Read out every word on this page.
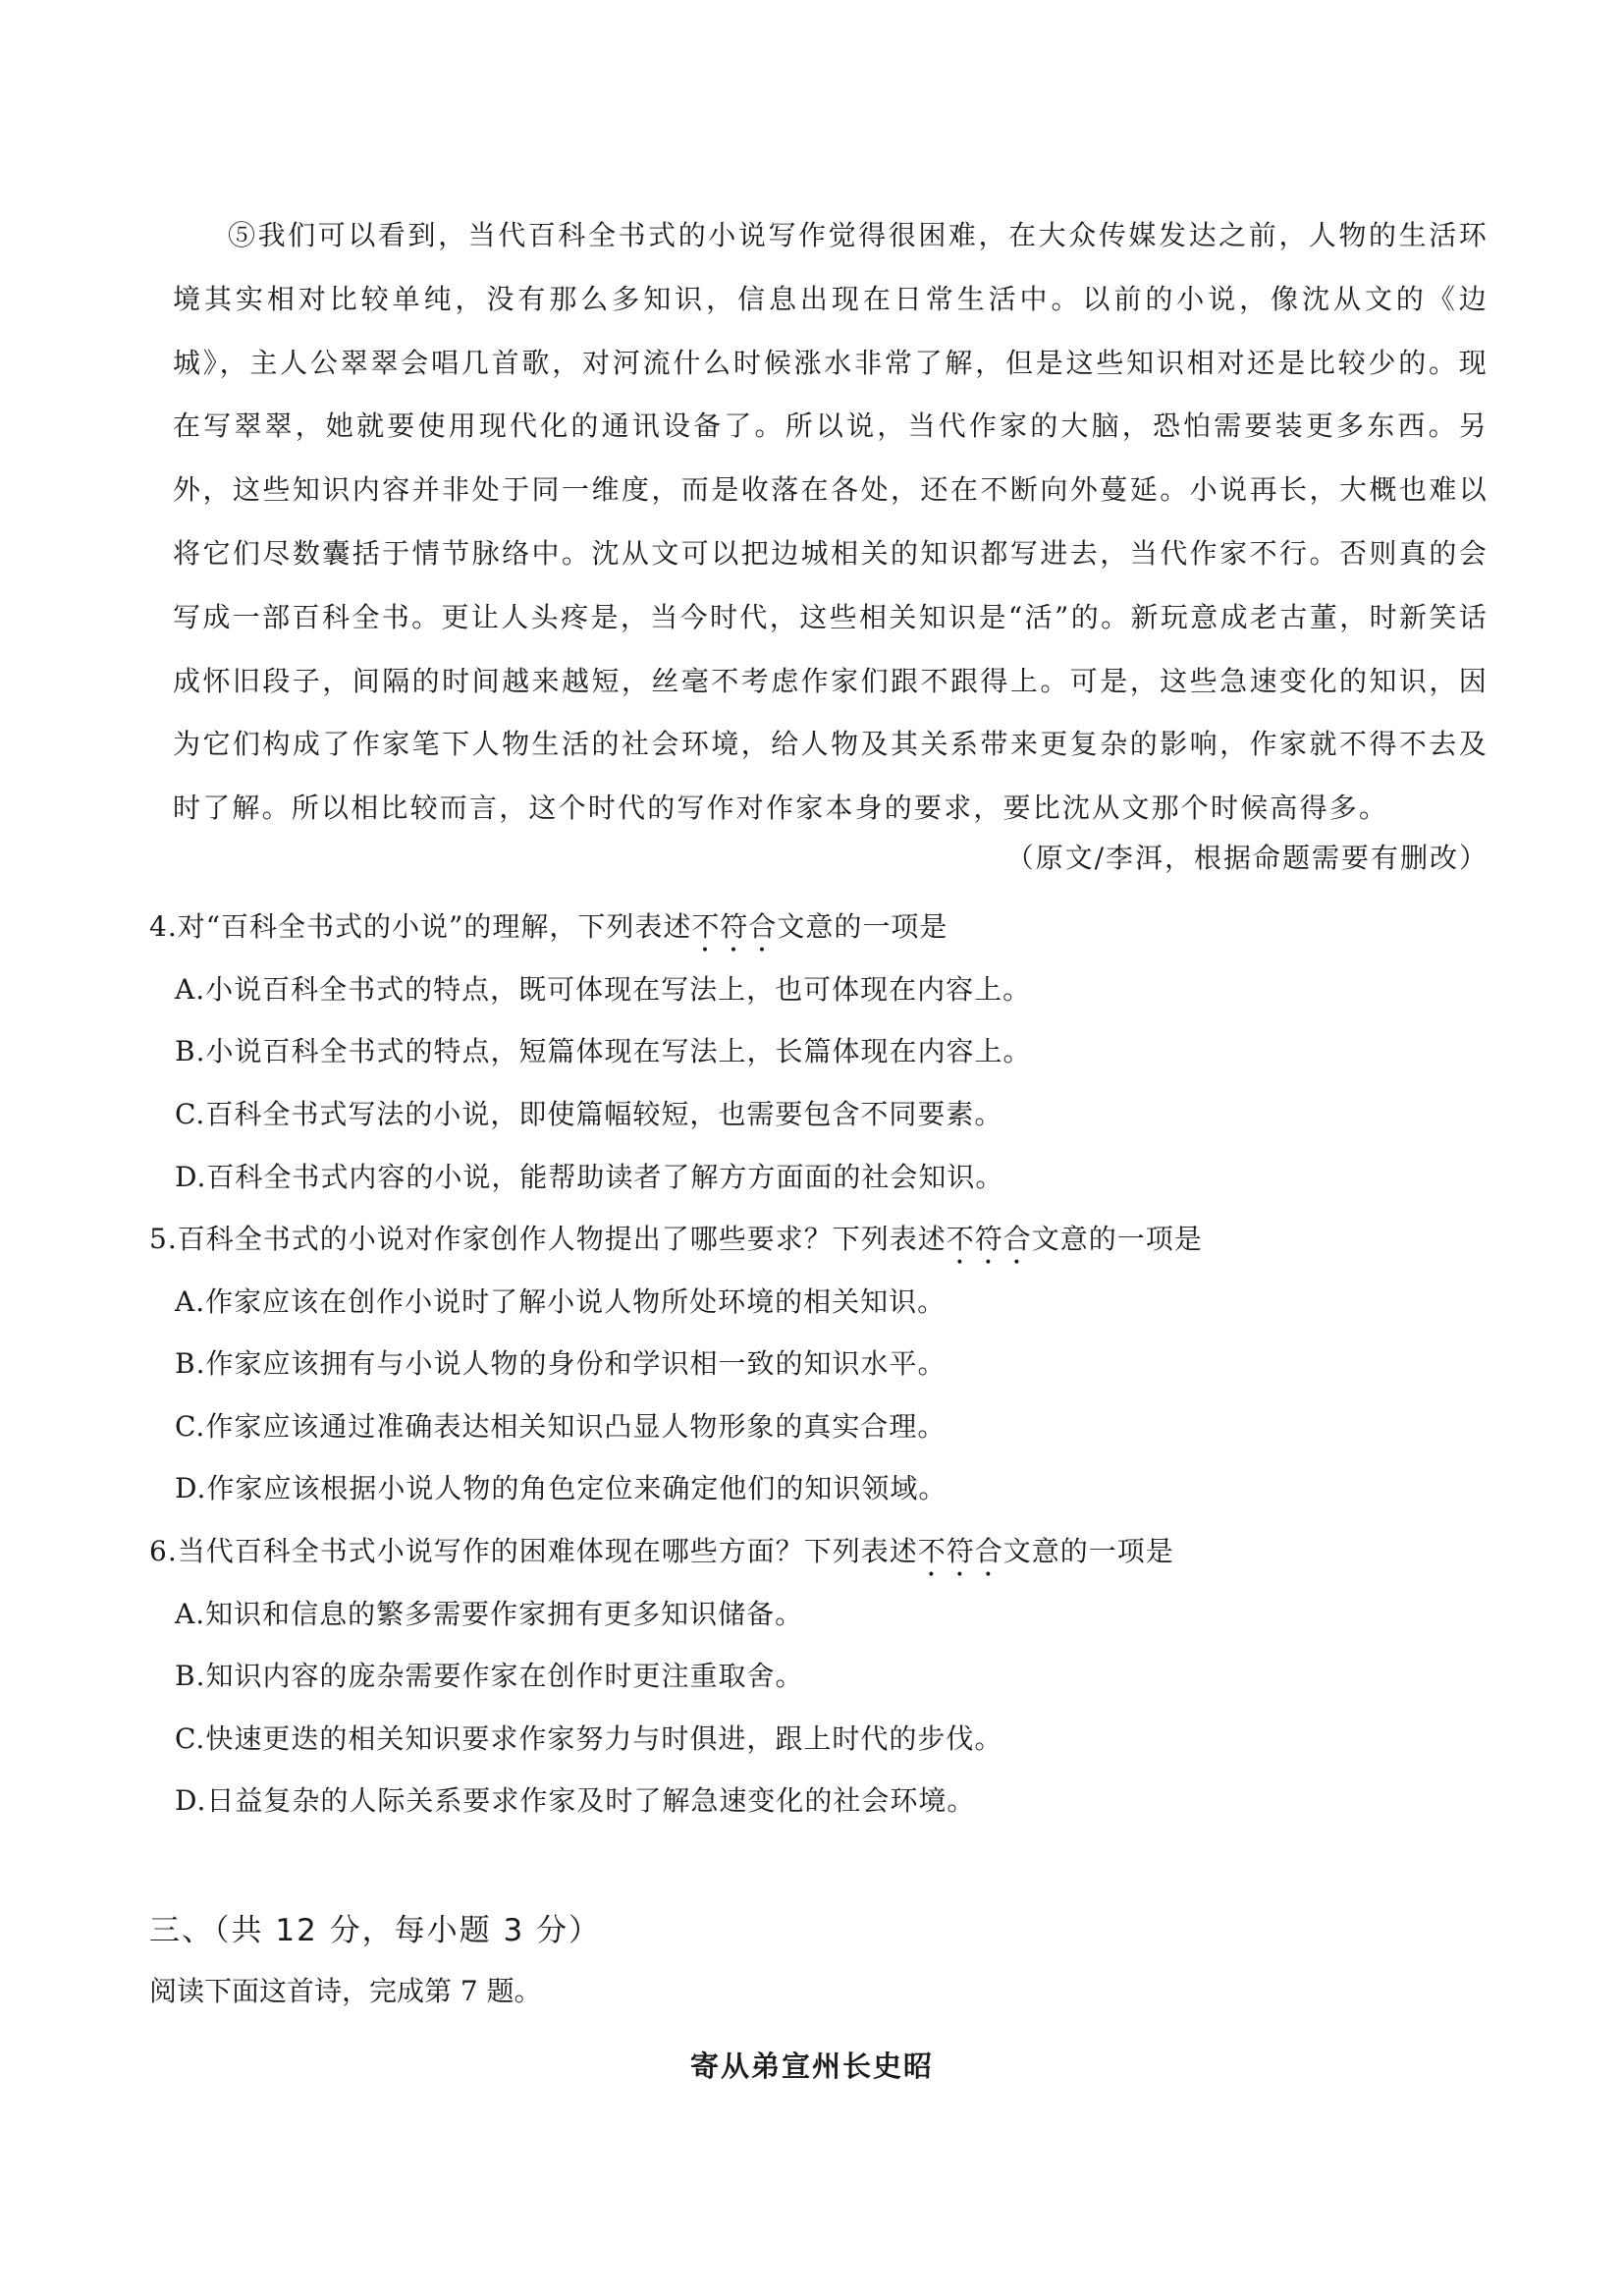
⑤我们可以看到，当代百科全书式的小说写作觉得很困难，在大众传媒发达之前，人物的生活环境其实相对比较单纯，没有那么多知识，信息出现在日常生活中。以前的小说，像沈从文的《边城》，主人公翠翠会唱几首歌，对河流什么时候涨水非常了解，但是这些知识相对还是比较少的。现在写翠翠，她就要使用现代化的通讯设备了。所以说，当代作家的大脑，恐怕需要装更多东西。另外，这些知识内容并非处于同一维度，而是收落在各处，还在不断向外蔓延。小说再长，大概也难以将它们尽数囊括于情节脉络中。沈从文可以把边城相关的知识都写进去，当代作家不行。否则真的会写成一部百科全书。更让人头疼是，当今时代，这些相关知识是“活”的。新玩意成老古董，时新笑话成怀旧段子，间隔的时间越来越短，丝毫不考虑作家们跟不跟得上。可是，这些急速变化的知识，因为它们构成了作家笔下人物生活的社会环境，给人物及其关系带来更复杂的影响，作家就不得不去及时了解。所以相比较而言，这个时代的写作对作家本身的要求，要比沈从文那个时候高得多。

（原文/李洱，根据命题需要有删改）

4.对“百科全书式的小说”的理解，下列表述不符合文意的一项是

A.小说百科全书式的特点，既可体现在写法上，也可体现在内容上。

B.小说百科全书式的特点，短篇体现在写法上，长篇体现在内容上。

C.百科全书式写法的小说，即使篇幅较短，也需要包含不同要素。

D.百科全书式内容的小说，能帮助读者了解方方面面的社会知识。

5.百科全书式的小说对作家创作人物提出了哪些要求？下列表述不符合文意的一项是

A.作家应该在创作小说时了解小说人物所处环境的相关知识。

B.作家应该拥有与小说人物的身份和学识相一致的知识水平。

C.作家应该通过准确表达相关知识凸显人物形象的真实合理。

D.作家应该根据小说人物的角色定位来确定他们的知识领域。

6.当代百科全书式小说写作的困难体现在哪些方面？下列表述不符合文意的一项是

A.知识和信息的繁多需要作家拥有更多知识储备。

B.知识内容的庞杂需要作家在创作时更注重取舍。

C.快速更迭的相关知识要求作家努力与时俱进，跟上时代的步伐。

D.日益复杂的人际关系要求作家及时了解急速变化的社会环境。

三、（共 12 分，每小题 3 分）

阅读下面这首诗，完成第 7 题。

寄从弟宣州长史昭
